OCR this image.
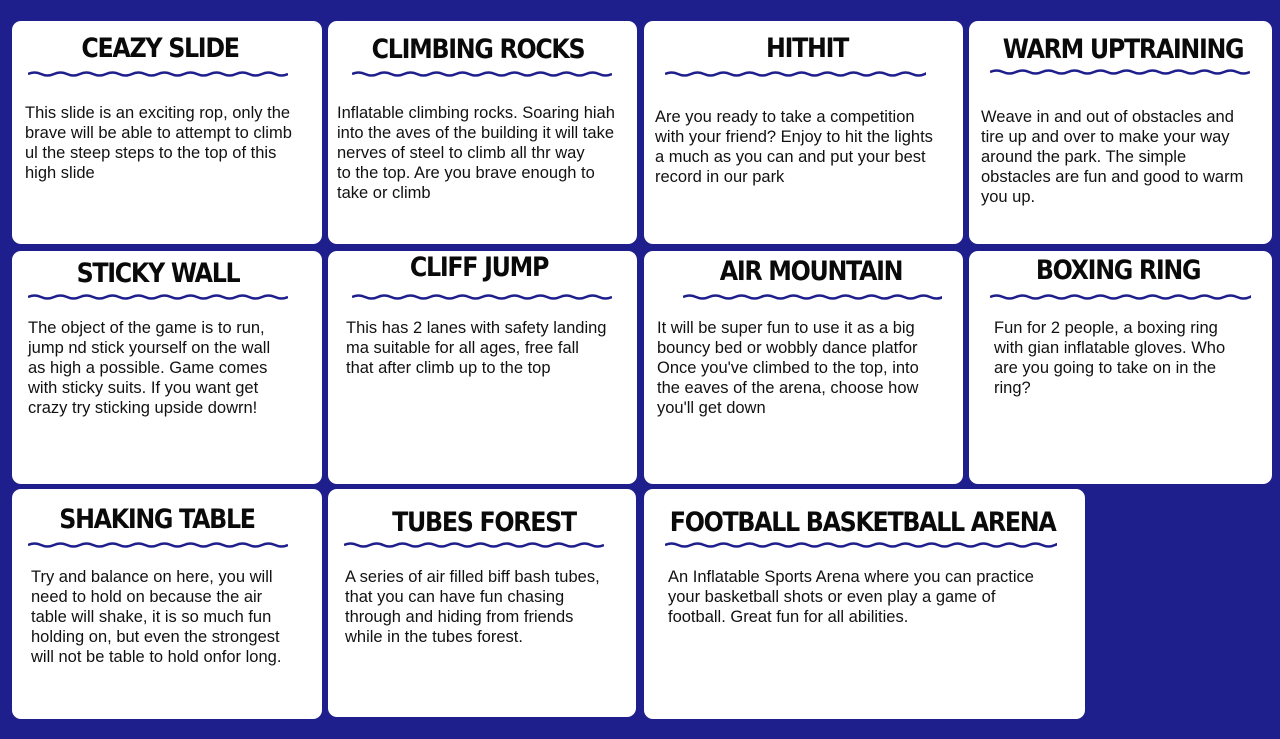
CEAZY SLIDE

This slide is an exciting rop, only the
brave will be able to attempt to climb
ul the steep steps to the top of this
high slide

CLIMBING ROCKS

Inflatable climbing rocks. Soaring hiah
into the aves of the building it will take
nerves of steel to climb all thr way
to the top. Are you brave enough to
take or climb

HITHIT

Are you ready to take a competition
with your friend? Enjoy to hit the lights
a much as you can and put your best
record in our park

WARM UPTRAINING

Weave in and out of obstacles and
tire up and over to make your way
around the park. The simple
obstacles are fun and good to warm
you up.

STICKY WALL

The object of the game is to run,
jump nd stick yourself on the wall
as high a possible. Game comes
with sticky suits. If you want get
crazy try sticking upside dowrn!

CLIFF JUMP

This has 2 lanes with safety landing
ma suitable for all ages, free fall
that after climb up to the top

AIR MOUNTAIN

It will be super fun to use it as a big
bouncy bed or wobbly dance platfor
Once you've climbed to the top, into
the eaves of the arena, choose how
you'll get down

BOXING RING

Fun for 2 people, a boxing ring
with gian inflatable gloves. Who
are you going to take on in the
ring?

SHAKING TABLE

Try and balance on here, you will
need to hold on because the air
table will shake, it is so much fun
holding on, but even the strongest
will not be table to hold onfor long.

TUBES FOREST

A series of air filled biff bash tubes,
that you can have fun chasing
through and hiding from friends
while in the tubes forest.

FOOTBALL BASKETBALL ARENA

An Inflatable Sports Arena where you can practice
your basketball shots or even play a game of
football. Great fun for all abilities.
